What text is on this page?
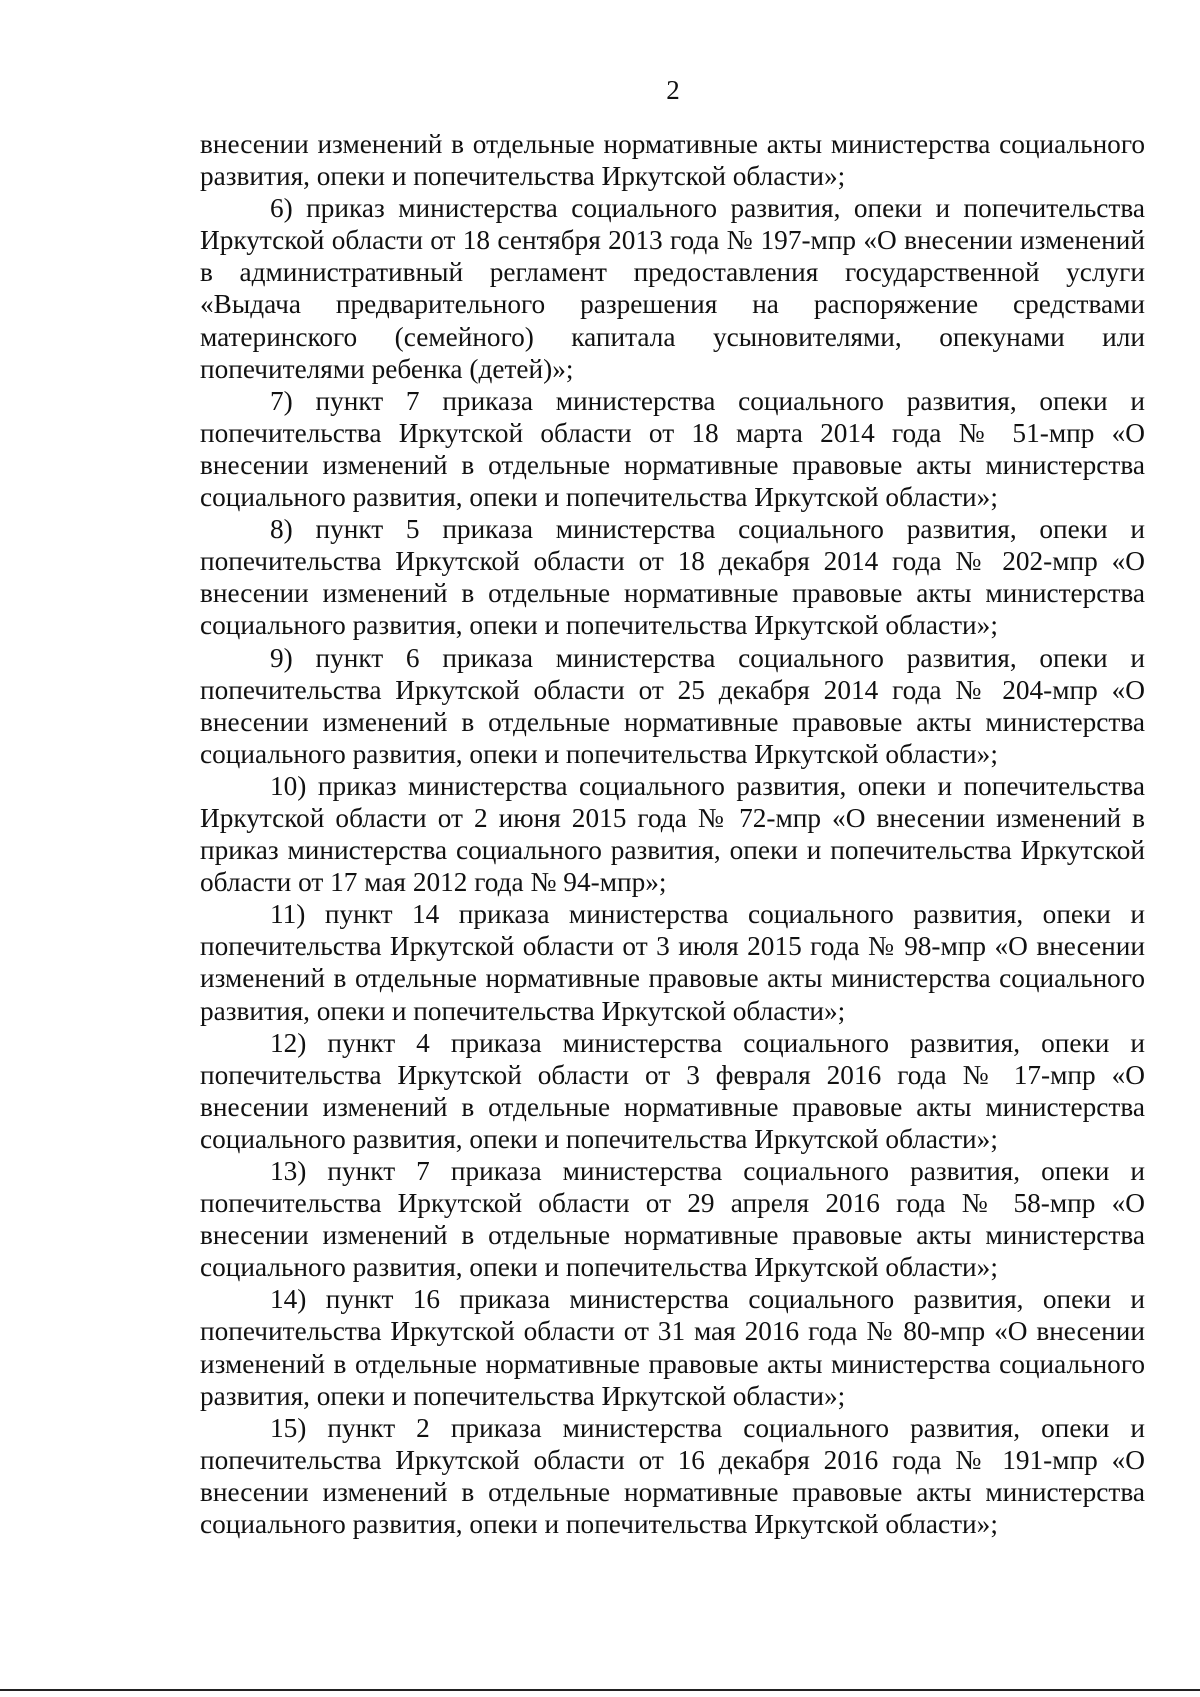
2

внесении изменений в отдельные нормативные акты министерства социального развития, опеки и попечительства Иркутской области»;

6) приказ министерства социального развития, опеки и попечительства Иркутской области от 18 сентября 2013 года № 197-мпр «О внесении изменений в административный регламент предоставления государственной услуги «Выдача предварительного разрешения на распоряжение средствами материнского (семейного) капитала усыновителями, опекунами или попечителями ребенка (детей)»;

7) пункт 7 приказа министерства социального развития, опеки и попечительства Иркутской области от 18 марта 2014 года № 51-мпр «О внесении изменений в отдельные нормативные правовые акты министерства социального развития, опеки и попечительства Иркутской области»;

8) пункт 5 приказа министерства социального развития, опеки и попечительства Иркутской области от 18 декабря 2014 года № 202-мпр «О внесении изменений в отдельные нормативные правовые акты министерства социального развития, опеки и попечительства Иркутской области»;

9) пункт 6 приказа министерства социального развития, опеки и попечительства Иркутской области от 25 декабря 2014 года № 204-мпр «О внесении изменений в отдельные нормативные правовые акты министерства социального развития, опеки и попечительства Иркутской области»;

10) приказ министерства социального развития, опеки и попечительства Иркутской области от 2 июня 2015 года № 72-мпр «О внесении изменений в приказ министерства социального развития, опеки и попечительства Иркутской области от 17 мая 2012 года № 94-мпр»;

11) пункт 14 приказа министерства социального развития, опеки и попечительства Иркутской области от 3 июля 2015 года № 98-мпр «О внесении изменений в отдельные нормативные правовые акты министерства социального развития, опеки и попечительства Иркутской области»;

12) пункт 4 приказа министерства социального развития, опеки и попечительства Иркутской области от 3 февраля 2016 года № 17-мпр «О внесении изменений в отдельные нормативные правовые акты министерства социального развития, опеки и попечительства Иркутской области»;

13) пункт 7 приказа министерства социального развития, опеки и попечительства Иркутской области от 29 апреля 2016 года № 58-мпр «О внесении изменений в отдельные нормативные правовые акты министерства социального развития, опеки и попечительства Иркутской области»;

14) пункт 16 приказа министерства социального развития, опеки и попечительства Иркутской области от 31 мая 2016 года № 80-мпр «О внесении изменений в отдельные нормативные правовые акты министерства социального развития, опеки и попечительства Иркутской области»;

15) пункт 2 приказа министерства социального развития, опеки и попечительства Иркутской области от 16 декабря 2016 года № 191-мпр «О внесении изменений в отдельные нормативные правовые акты министерства социального развития, опеки и попечительства Иркутской области»;
